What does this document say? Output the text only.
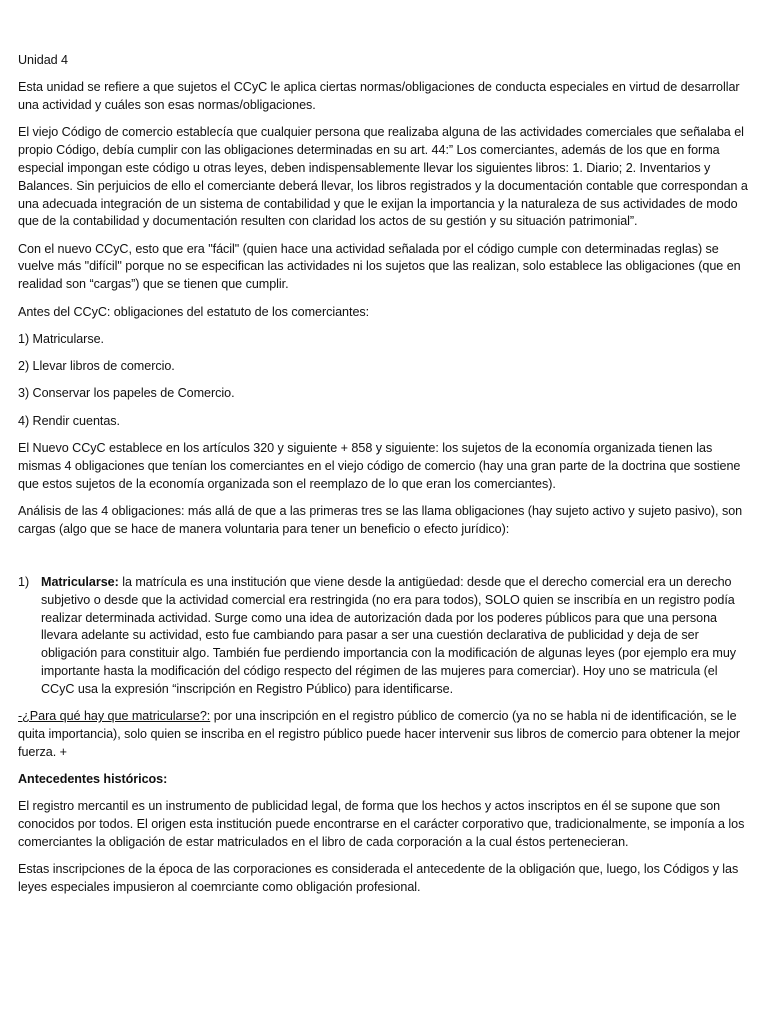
Unidad 4

Esta unidad se refiere a que sujetos el CCyC le aplica ciertas normas/obligaciones de conducta especiales en virtud de desarrollar una actividad y cuáles son esas normas/obligaciones.

El viejo Código de comercio establecía que cualquier persona que realizaba alguna de las actividades comerciales que señalaba el propio Código, debía cumplir con las obligaciones determinadas en su art. 44:” Los comerciantes, además de los que en forma especial impongan este código u otras leyes, deben indispensablemente llevar los siguientes libros: 1. Diario; 2. Inventarios y Balances. Sin perjuicios de ello el comerciante deberá llevar, los libros registrados y la documentación contable que correspondan a una adecuada integración de un sistema de contabilidad y que le exijan la importancia y la naturaleza de sus actividades de modo que de la contabilidad y documentación resulten con claridad los actos de su gestión y su situación patrimonial”.

Con el nuevo CCyC, esto que era "fácil" (quien hace una actividad señalada por el código cumple con determinadas reglas) se vuelve más "difícil" porque no se especifican las actividades ni los sujetos que las realizan, solo establece las obligaciones (que en realidad son “cargas”) que se tienen que cumplir.

Antes del CCyC: obligaciones del estatuto de los comerciantes:

1) Matricularse.

2) Llevar libros de comercio.

3) Conservar los papeles de Comercio.

4) Rendir cuentas.

El Nuevo CCyC establece en los artículos 320 y siguiente + 858 y siguiente: los sujetos de la economía organizada tienen las mismas 4 obligaciones que tenían los comerciantes en el viejo código de comercio (hay una gran parte de la doctrina que sostiene que estos sujetos de la economía organizada son el reemplazo de lo que eran los comerciantes).

Análisis de las 4 obligaciones: más allá de que a las primeras tres se las llama obligaciones (hay sujeto activo y sujeto pasivo), son cargas (algo que se hace de manera voluntaria para tener un beneficio o efecto jurídico):

1) Matricularse: la matrícula es una institución que viene desde la antigüedad: desde que el derecho comercial era un derecho subjetivo o desde que la actividad comercial era restringida (no era para todos), SOLO quien se inscribía en un registro podía realizar determinada actividad. Surge como una idea de autorización dada por los poderes públicos para que una persona llevara adelante su actividad, esto fue cambiando para pasar a ser una cuestión declarativa de publicidad y deja de ser obligación para constituir algo. También fue perdiendo importancia con la modificación de algunas leyes (por ejemplo era muy importante hasta la modificación del código respecto del régimen de las mujeres para comerciar). Hoy uno se matricula (el CCyC usa la expresión “inscripción en Registro Público) para identificarse.

-¿Para qué hay que matricularse?: por una inscripción en el registro público de comercio (ya no se habla ni de identificación, se le quita importancia), solo quien se inscriba en el registro público puede hacer intervenir sus libros de comercio para obtener la mejor fuerza. +

Antecedentes históricos:

El registro mercantil es un instrumento de publicidad legal, de forma que los hechos y actos inscriptos en él se supone que son conocidos por todos. El origen esta institución puede encontrarse en el carácter corporativo que, tradicionalmente, se imponía a los comerciantes la obligación de estar matriculados en el libro de cada corporación a la cual éstos pertenecieran.

Estas inscripciones de la época de las corporaciones es considerada el antecedente de la obligación que, luego, los Códigos y las leyes especiales impusieron al coemrciante como obligación profesional.
